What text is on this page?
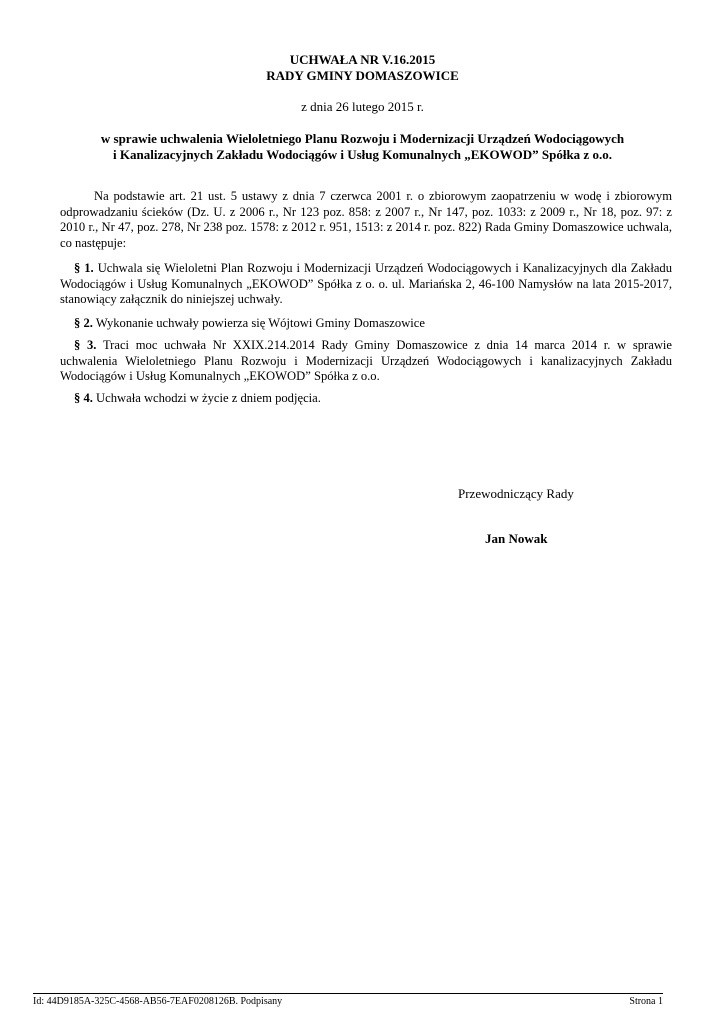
UCHWAŁA NR V.16.2015
RADY GMINY DOMASZOWICE
z dnia 26 lutego 2015 r.
w sprawie uchwalenia Wieloletniego Planu Rozwoju i Modernizacji Urządzeń Wodociągowych
i Kanalizacyjnych Zakładu Wodociągów i Usług Komunalnych „EKOWOD” Spółka z o.o.
Na podstawie art. 21 ust. 5 ustawy z dnia 7 czerwca 2001 r. o zbiorowym zaopatrzeniu w wodę i zbiorowym odprowadzaniu ścieków (Dz. U. z 2006 r., Nr 123 poz. 858: z 2007 r., Nr 147, poz. 1033: z 2009 r., Nr 18, poz. 97: z 2010 r., Nr 47, poz. 278, Nr 238 poz. 1578: z 2012 r. 951, 1513: z 2014 r. poz. 822) Rada Gminy Domaszowice uchwala, co następuje:
§ 1. Uchwala się Wieloletni Plan Rozwoju i Modernizacji Urządzeń Wodociągowych i Kanalizacyjnych dla Zakładu Wodociągów i Usług Komunalnych „EKOWOD” Spółka z o. o. ul. Mariańska 2, 46-100 Namysłów na lata 2015-2017, stanowiący załącznik do niniejszej uchwały.
§ 2. Wykonanie uchwały powierza się Wójtowi Gminy Domaszowice
§ 3. Traci moc uchwała Nr XXIX.214.2014 Rady Gminy Domaszowice z dnia 14 marca 2014 r. w sprawie uchwalenia Wieloletniego Planu Rozwoju i Modernizacji Urządzeń Wodociągowych i kanalizacyjnych Zakładu Wodociągów i Usług Komunalnych „EKOWOD” Spółka z o.o.
§ 4. Uchwała wchodzi w życie z dniem podjęcia.
Przewodniczący Rady
Jan Nowak
Id: 44D9185A-325C-4568-AB56-7EAF0208126B. Podpisany	Strona 1
